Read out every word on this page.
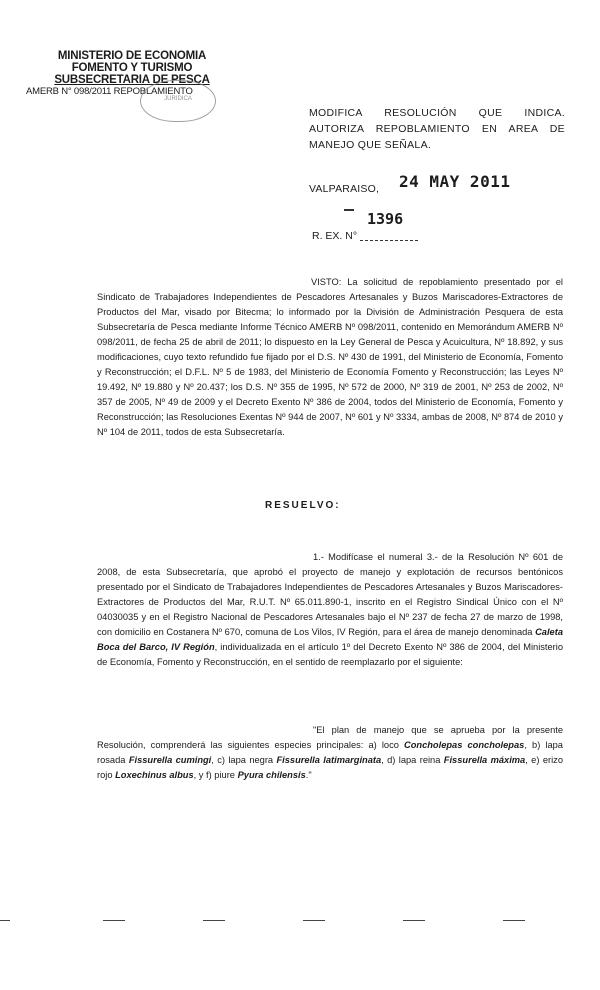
MINISTERIO DE ECONOMIA
FOMENTO Y TURISMO
SUBSECRETARIA DE PESCA
AMERB N° 098/2011 REPOBLAMIENTO
JURIDICA
MODIFICA RESOLUCIÓN QUE INDICA. AUTORIZA REPOBLAMIENTO EN AREA DE MANEJO QUE SEÑALA.
VALPARAISO, 24 MAY 2011
1396
R. EX. N°
VISTO: La solicitud de repoblamiento presentado por el Sindicato de Trabajadores Independientes de Pescadores Artesanales y Buzos Mariscadores-Extractores de Productos del Mar, visado por Bitecma; lo informado por la División de Administración Pesquera de esta Subsecretaría de Pesca mediante Informe Técnico AMERB Nº 098/2011, contenido en Memorándum AMERB Nº 098/2011, de fecha 25 de abril de 2011; lo dispuesto en la Ley General de Pesca y Acuicultura, Nº 18.892, y sus modificaciones, cuyo texto refundido fue fijado por el D.S. Nº 430 de 1991, del Ministerio de Economía, Fomento y Reconstrucción; el D.F.L. Nº 5 de 1983, del Ministerio de Economía Fomento y Reconstrucción; las Leyes Nº 19.492, Nº 19.880 y Nº 20.437; los D.S. Nº 355 de 1995, Nº 572 de 2000, Nº 319 de 2001, Nº 253 de 2002, Nº 357 de 2005, Nº 49 de 2009 y el Decreto Exento Nº 386 de 2004, todos del Ministerio de Economía, Fomento y Reconstrucción; las Resoluciones Exentas Nº 944 de 2007, Nº 601 y Nº 3334, ambas de 2008, Nº 874 de 2010 y Nº 104 de 2011, todos de esta Subsecretaría.
RESUELVO:
1.- Modifícase el numeral 3.- de la Resolución Nº 601 de 2008, de esta Subsecretaría, que aprobó el proyecto de manejo y explotación de recursos bentónicos presentado por el Sindicato de Trabajadores Independientes de Pescadores Artesanales y Buzos Mariscadores-Extractores de Productos del Mar, R.U.T. Nº 65.011.890-1, inscrito en el Registro Sindical Único con el Nº 04030035 y en el Registro Nacional de Pescadores Artesanales bajo el Nº 237 de fecha 27 de marzo de 1998, con domicilio en Costanera Nº 670, comuna de Los Vilos, IV Región, para el área de manejo denominada Caleta Boca del Barco, IV Región, individualizada en el artículo 1º del Decreto Exento Nº 386 de 2004, del Ministerio de Economía, Fomento y Reconstrucción, en el sentido de reemplazarlo por el siguiente:
"El plan de manejo que se aprueba por la presente Resolución, comprenderá las siguientes especies principales: a) loco Concholepas concholepas, b) lapa rosada Fissurella cumingi, c) lapa negra Fissurella latimarginata, d) lapa reina Fissurella máxima, e) erizo rojo Loxechinus albus, y f) piure Pyura chilensis."
